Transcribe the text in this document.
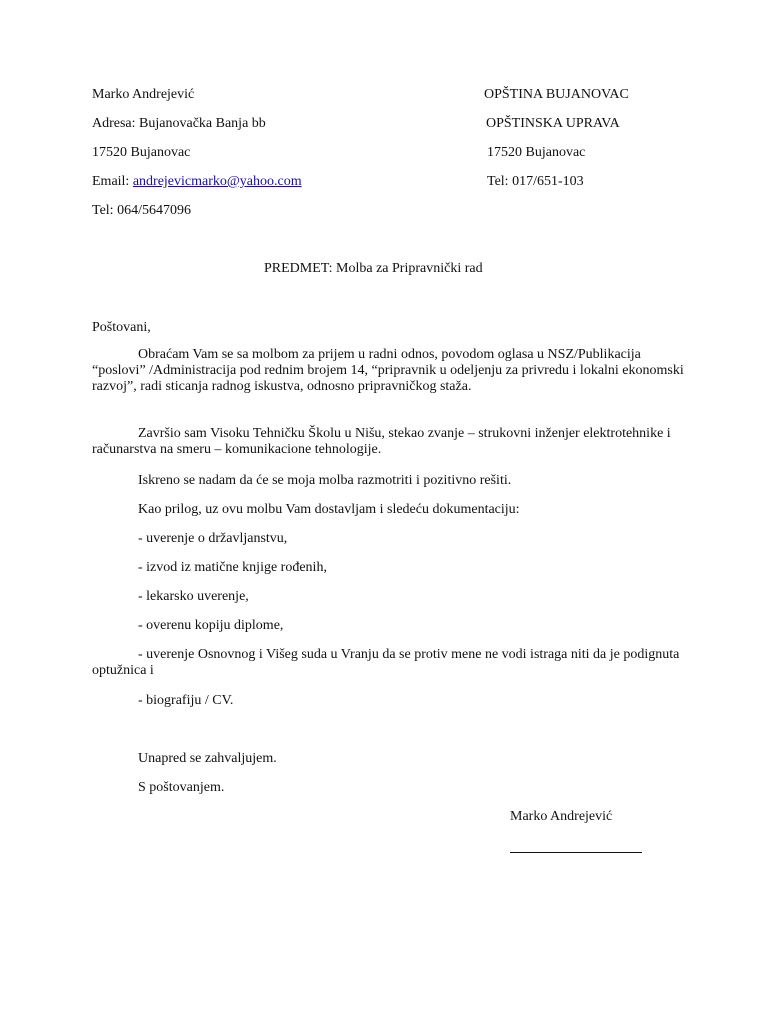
Marko Andrejević
Adresa: Bujanovačka Banja bb
17520 Bujanovac
Email: andrejevicmarko@yahoo.com
Tel: 064/5647096
OPŠTINA BUJANOVAC
OPŠTINSKA UPRAVA
17520 Bujanovac
Tel: 017/651-103
PREDMET: Molba za Pripravnički rad
Poštovani,
Obraćam Vam se sa molbom za prijem u radni odnos, povodom oglasa u NSZ/Publikacija “poslovi” /Administracija pod rednim brojem 14, “pripravnik u odeljenju za privredu i lokalni ekonomski razvoj”, radi sticanja radnog iskustva, odnosno pripravničkog staža.
Završio sam Visoku Tehničku Školu u Nišu, stekao zvanje – strukovni inženjer elektrotehnike i računarstva na smeru – komunikacione tehnologije.
Iskreno se nadam da će se moja molba razmotriti i pozitivno rešiti.
Kao prilog, uz ovu molbu Vam dostavljam i sledeću dokumentaciju:
- uverenje o državljanstvu,
- izvod iz matične knjige rođenih,
- lekarsko uverenje,
- overenu kopiju diplome,
- uverenje Osnovnog i Višeg suda u Vranju da se protiv mene ne vodi istraga niti da je podignuta optužnica i
- biografiju / CV.
Unapred se zahvaljujem.
S poštovanjem.
Marko Andrejević
